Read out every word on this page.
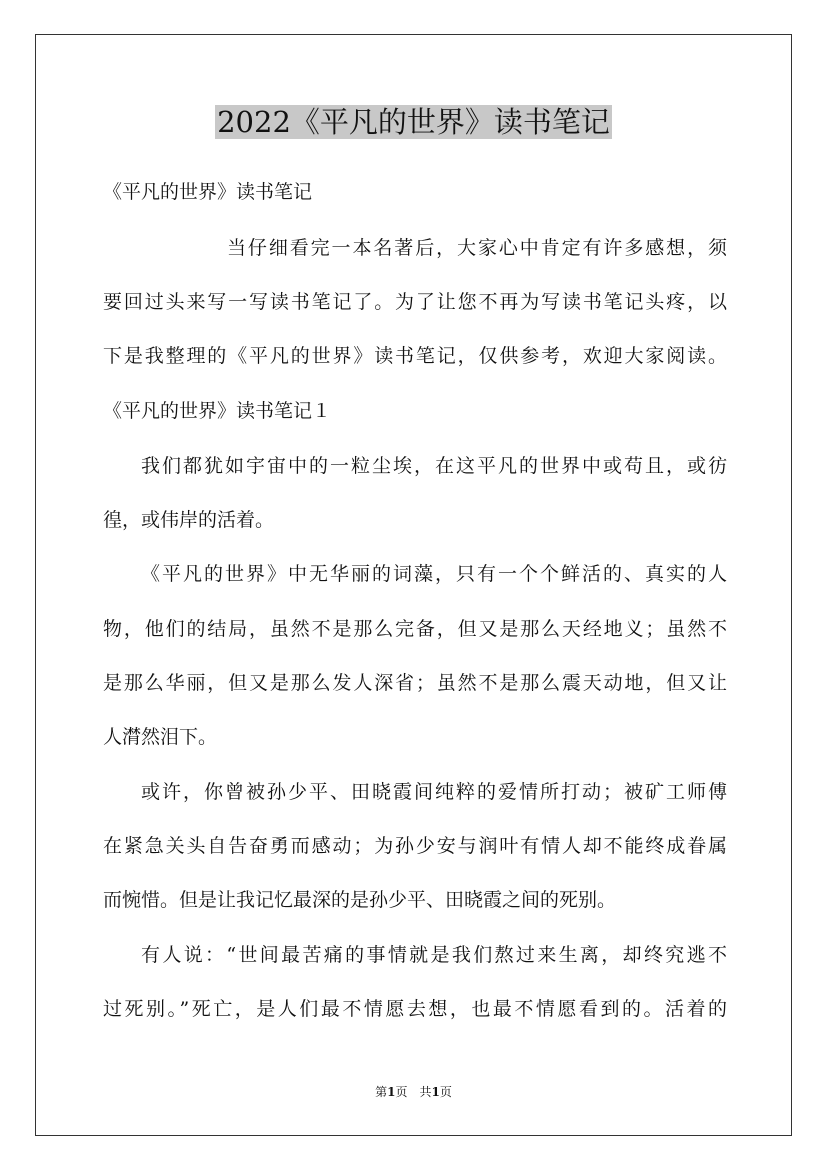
2022《平凡的世界》读书笔记
《平凡的世界》读书笔记
当仔细看完一本名著后，大家心中肯定有许多感想，须
要回过头来写一写读书笔记了。为了让您不再为写读书笔记头疼，以
下是我整理的《平凡的世界》读书笔记，仅供参考，欢迎大家阅读。
《平凡的世界》读书笔记１
我们都犹如宇宙中的一粒尘埃，在这平凡的世界中或苟且，或彷
徨，或伟岸的活着。
《平凡的世界》中无华丽的词藻，只有一个个鲜活的、真实的人
物，他们的结局，虽然不是那么完备，但又是那么天经地义；虽然不
是那么华丽，但又是那么发人深省；虽然不是那么震天动地，但又让
人潸然泪下。
或许，你曾被孙少平、田晓霞间纯粹的爱情所打动；被矿工师傅
在紧急关头自告奋勇而感动；为孙少安与润叶有情人却不能终成眷属
而惋惜。但是让我记忆最深的是孙少平、田晓霞之间的死别。
有人说：“世间最苦痛的事情就是我们熬过来生离，却终究逃不
过死别。”死亡，是人们最不情愿去想，也最不情愿看到的。活着的
第1页　共1页
